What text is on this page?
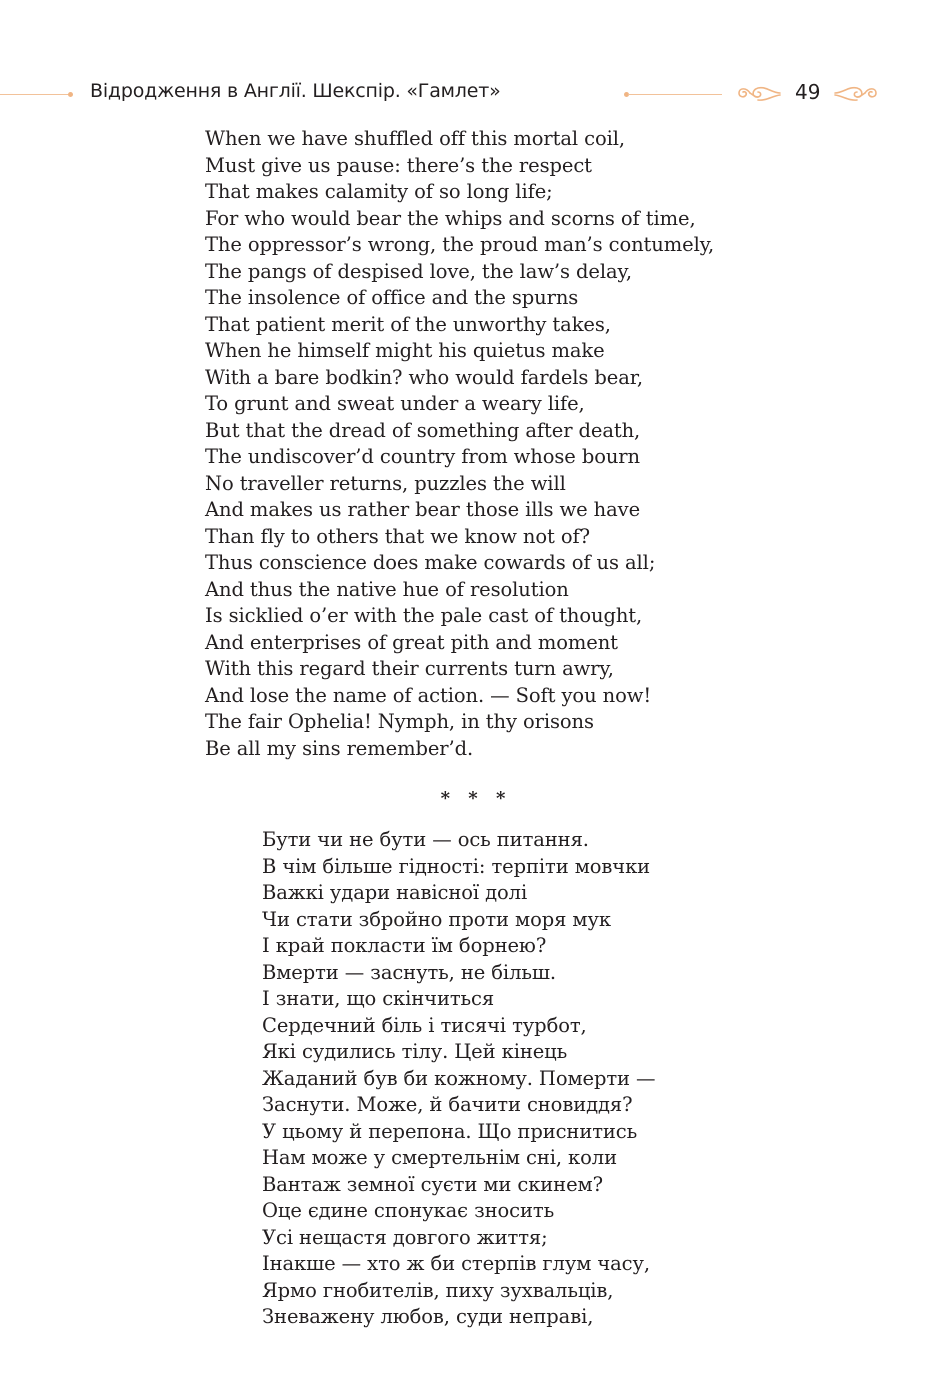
Відродження в Англії. Шекспір. «Гамлет»	49
When we have shuffled off this mortal coil,
Must give us pause: there’s the respect
That makes calamity of so long life;
For who would bear the whips and scorns of time,
The oppressor’s wrong, the proud man’s contumely,
The pangs of despised love, the law’s delay,
The insolence of office and the spurns
That patient merit of the unworthy takes,
When he himself might his quietus make
With a bare bodkin? who would fardels bear,
To grunt and sweat under a weary life,
But that the dread of something after death,
The undiscover’d country from whose bourn
No traveller returns, puzzles the will
And makes us rather bear those ills we have
Than fly to others that we know not of?
Thus conscience does make cowards of us all;
And thus the native hue of resolution
Is sicklied o’er with the pale cast of thought,
And enterprises of great pith and moment
With this regard their currents turn awry,
And lose the name of action. — Soft you now!
The fair Ophelia! Nymph, in thy orisons
Be all my sins remember’d.
* * *
Бути чи не бути — ось питання.
В чім більше гідності: терпіти мовчки
Важкі удари навісної долі
Чи стати збройно проти моря мук
І край покласти їм борнею?
Вмерти — заснуть, не більш.
І знати, що скінчиться
Сердечний біль і тисячі турбот,
Які судились тілу. Цей кінець
Жаданий був би кожному. Померти —
Заснути. Може, й бачити сновиддя?
У цьому й перепона. Що приснитись
Нам може у смертельнім сні, коли
Вантаж земної суєти ми скинем?
Оце єдине спонукає зносить
Усі нещастя довгого життя;
Інакше — хто ж би стерпів глум часу,
Ярмо гнобителів, пиху зухвальців,
Зневажену любов, суди неправі,
